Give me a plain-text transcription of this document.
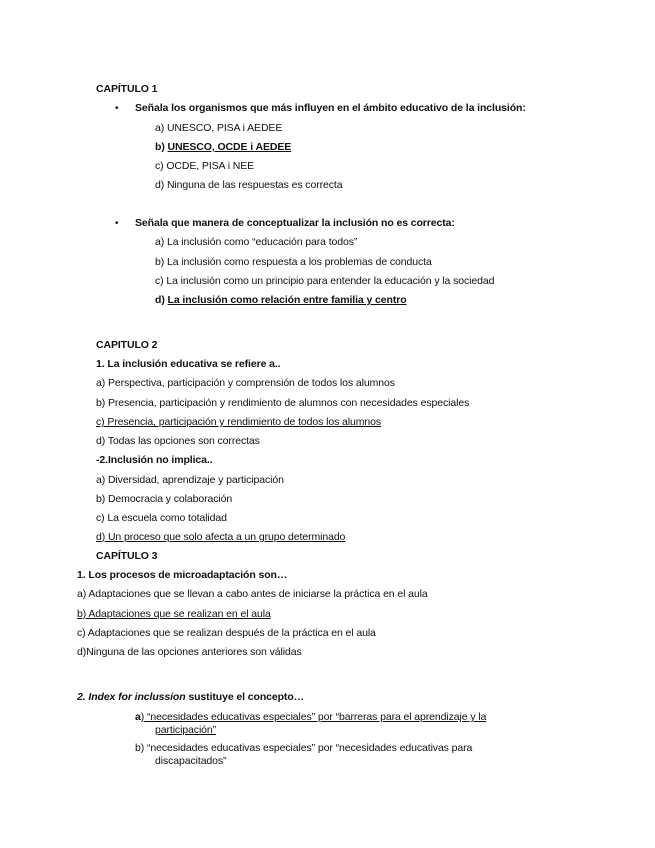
CAPÍTULO 1
• Señala los organismos que más influyen en el ámbito educativo de la inclusión:
a) UNESCO, PISA i AEDEE
b) UNESCO, OCDE i AEDEE
c) OCDE, PISA i NEE
d) Ninguna de las respuestas es correcta
• Señala que manera de conceptualizar la inclusión no es correcta:
a) La inclusión como “educación para todos”
b) La inclusión como respuesta a los problemas de conducta
c) La inclusión como un principio para entender la educación y la sociedad
d) La inclusión como relación entre familia y centro
CAPITULO 2
1. La inclusión educativa se refiere a..
a) Perspectiva, participación y comprensión de todos los alumnos
b) Presencia, participación y rendimiento de alumnos con necesidades especiales
c) Presencia, participación y rendimiento de todos los alumnos
d) Todas las opciones son correctas
-2.Inclusión no implica..
a) Diversidad, aprendizaje y participación
b) Democracia y colaboración
c) La escuela como totalidad
d) Un proceso que solo afecta a un grupo determinado
CAPÍTULO 3
1. Los procesos de microadaptación son…
a) Adaptaciones que se llevan a cabo antes de iniciarse la práctica en el aula
b) Adaptaciones que se realizan en el aula
c) Adaptaciones que se realizan después de la práctica en el aula
d)Ninguna de las opciones anteriores son válidas
2. Index for inclussion sustituye el concepto…
a) “necesidades educativas especiales” por “barreras para el aprendizaje y la
participación”
b) “necesidades educativas especiales” por “necesidades educativas para
discapacitados”
